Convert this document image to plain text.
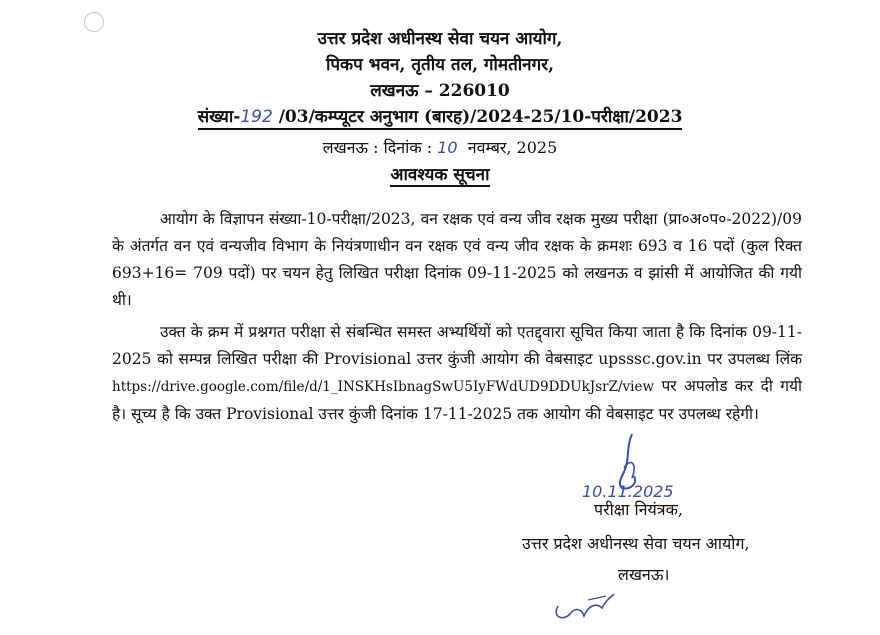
उत्तर प्रदेश अधीनस्थ सेवा चयन आयोग,
पिकप भवन, तृतीय तल, गोमतीनगर,
लखनऊ – 226010
संख्या-192 /03/कम्प्यूटर अनुभाग (बारह)/2024-25/10-परीक्षा/2023
लखनऊ : दिनांक : 10 नवम्बर, 2025
आवश्यक सूचना
आयोग के विज्ञापन संख्या-10-परीक्षा/2023, वन रक्षक एवं वन्य जीव रक्षक मुख्य परीक्षा (प्रा०अ०प०-2022)/09 के अंतर्गत वन एवं वन्यजीव विभाग के नियंत्रणाधीन वन रक्षक एवं वन्य जीव रक्षक के क्रमशः 693 व 16 पदों (कुल रिक्त 693+16= 709 पदों) पर चयन हेतु लिखित परीक्षा दिनांक 09-11-2025 को लखनऊ व झांसी में आयोजित की गयी थी।
उक्त के क्रम में प्रश्नगत परीक्षा से संबन्धित समस्त अभ्यर्थियों को एतद्द्वारा सूचित किया जाता है कि दिनांक 09-11-2025 को सम्पन्न लिखित परीक्षा की Provisional उत्तर कुंजी आयोग की वेबसाइट upsssc.gov.in पर उपलब्ध लिंक https://drive.google.com/file/d/1_INSKHsIbnagSwU5IyFWdUD9DDUkJsrZ/view पर अपलोड कर दी गयी है। सूच्य है कि उक्त Provisional उत्तर कुंजी दिनांक 17-11-2025 तक आयोग की वेबसाइट पर उपलब्ध रहेगी।
10.11.2025
परीक्षा नियंत्रक,
उत्तर प्रदेश अधीनस्थ सेवा चयन आयोग,
लखनऊ।
